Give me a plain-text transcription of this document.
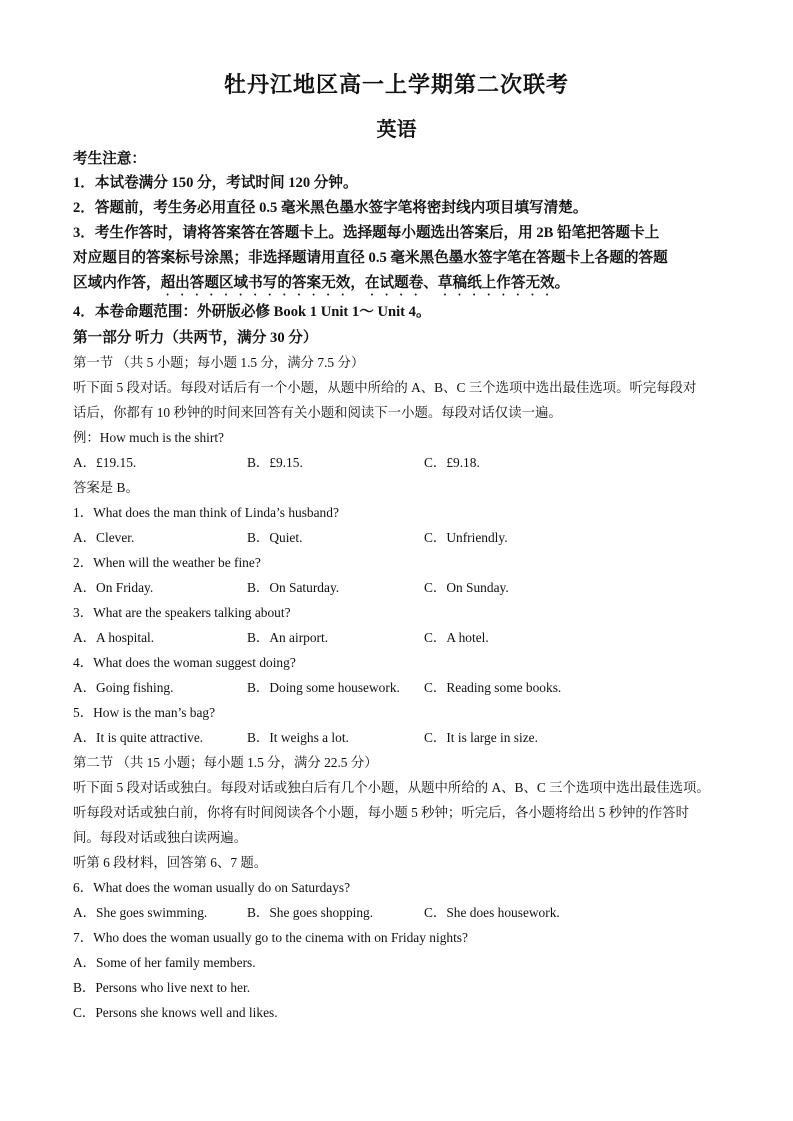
牡丹江地区高一上学期第二次联考
英语
考生注意：
1．本试卷满分 150 分，考试时间 120 分钟。
2．答题前，考生务必用直径 0.5 毫米黑色墨水签字笔将密封线内项目填写清楚。
3．考生作答时，请将答案答在答题卡上。选择题每小题选出答案后，用 2B 铅笔把答题卡上
对应题目的答案标号涂黑；非选择题请用直径 0.5 毫米黑色墨水签字笔在答题卡上各题的答题
区域内作答，超出答题区域书写的答案无效，在试题卷、草稿纸上作答无效。
4．本卷命题范围：外研版必修 Book 1 Unit 1～ Unit 4。
第一部分 听力（共两节，满分 30 分）
第一节 （共 5 小题；每小题 1.5 分，满分 7.5 分）
听下面 5 段对话。每段对话后有一个小题，从题中所给的 A、B、C 三个选项中选出最佳选项。听完每段对
话后，你都有 10 秒钟的时间来回答有关小题和阅读下一小题。每段对话仅读一遍。
例：How much is the shirt?
A．£19.15.	B．£9.15.	C．£9.18.
答案是 B。
1．What does the man think of Linda’s husband?
A．Clever.	B．Quiet.	C．Unfriendly.
2．When will the weather be fine?
A．On Friday.	B．On Saturday.	C．On Sunday.
3．What are the speakers talking about?
A．A hospital.	B．An airport.	C．A hotel.
4．What does the woman suggest doing?
A．Going fishing.	B．Doing some housework. C．Reading some books.
5．How is the man’s bag?
A．It is quite attractive.	B．It weighs a lot.	C．It is large in size.
第二节 （共 15 小题；每小题 1.5 分，满分 22.5 分）
听下面 5 段对话或独白。每段对话或独白后有几个小题，从题中所给的 A、B、C 三个选项中选出最佳选项。
听每段对话或独白前，你将有时间阅读各个小题，每小题 5 秒钟；听完后，各小题将给出 5 秒钟的作答时
间。每段对话或独白读两遍。
听第 6 段材料，回答第 6、7 题。
6．What does the woman usually do on Saturdays?
A．She goes swimming.	B．She goes shopping.	C．She does housework.
7．Who does the woman usually go to the cinema with on Friday nights?
A．Some of her family members.
B．Persons who live next to her.
C．Persons she knows well and likes.
